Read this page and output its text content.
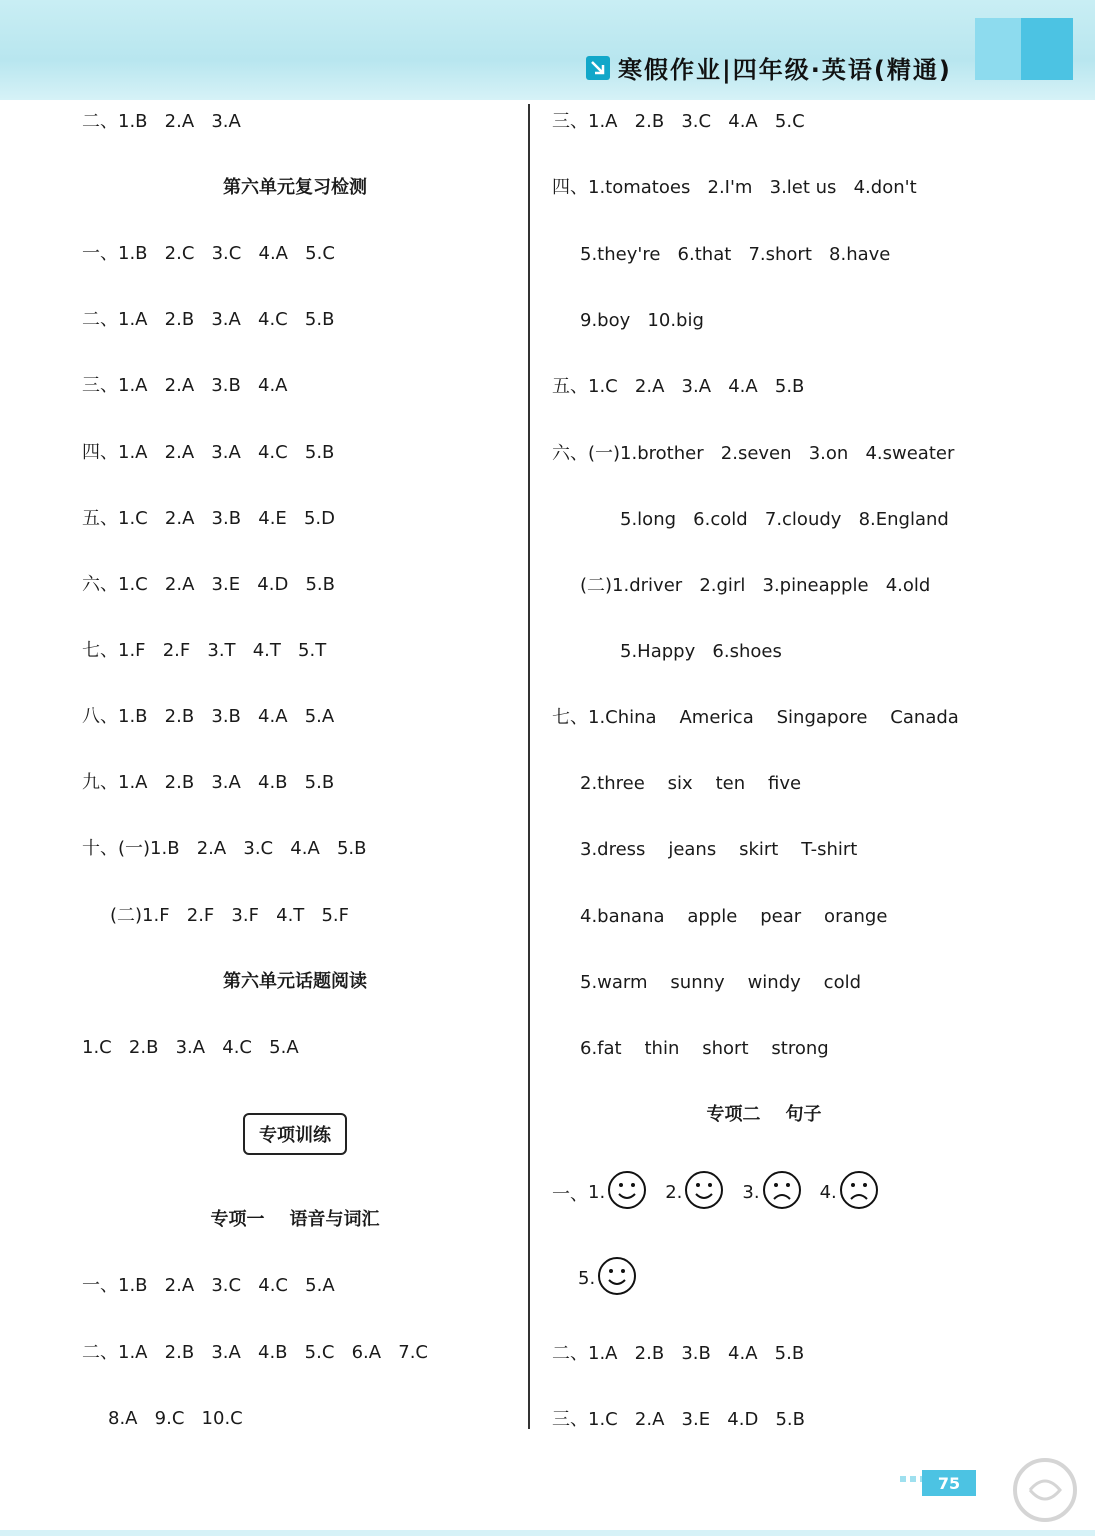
寒假作业|四年级·英语(精通)
二、1.B   2.A   3.A
第六单元复习检测
一、1.B   2.C   3.C   4.A   5.C
二、1.A   2.B   3.A   4.C   5.B
三、1.A   2.A   3.B   4.A
四、1.A   2.A   3.A   4.C   5.B
五、1.C   2.A   3.B   4.E   5.D
六、1.C   2.A   3.E   4.D   5.B
七、1.F   2.F   3.T   4.T   5.T
八、1.B   2.B   3.B   4.A   5.A
九、1.A   2.B   3.A   4.B   5.B
十、(一)1.B   2.A   3.C   4.A   5.B
(二)1.F   2.F   3.F   4.T   5.F
第六单元话题阅读
1.C   2.B   3.A   4.C   5.A
专项一    语音与词汇
一、1.B   2.A   3.C   4.C   5.A
二、1.A   2.B   3.A   4.B   5.C   6.A   7.C
8.A   9.C   10.C
三、1.A   2.B   3.C   4.A   5.C
四、1.tomatoes   2.I'm   3.let us   4.don't
5.they're   6.that   7.short   8.have
9.boy   10.big
五、1.C   2.A   3.A   4.A   5.B
六、(一)1.brother   2.seven   3.on   4.sweater
5.long   6.cold   7.cloudy   8.England
(二)1.driver   2.girl   3.pineapple   4.old
5.Happy   6.shoes
七、1.China    America    Singapore    Canada
2.three    six    ten    five
3.dress    jeans    skirt    T-shirt
4.banana    apple    pear    orange
5.warm    sunny    windy    cold
6.fat    thin    short    strong
专项二    句子
二、1.A   2.B   3.B   4.A   5.B
三、1.C   2.A   3.E   4.D   5.B
专项训练
一、 1.	2.	3.	4.
5.
75
